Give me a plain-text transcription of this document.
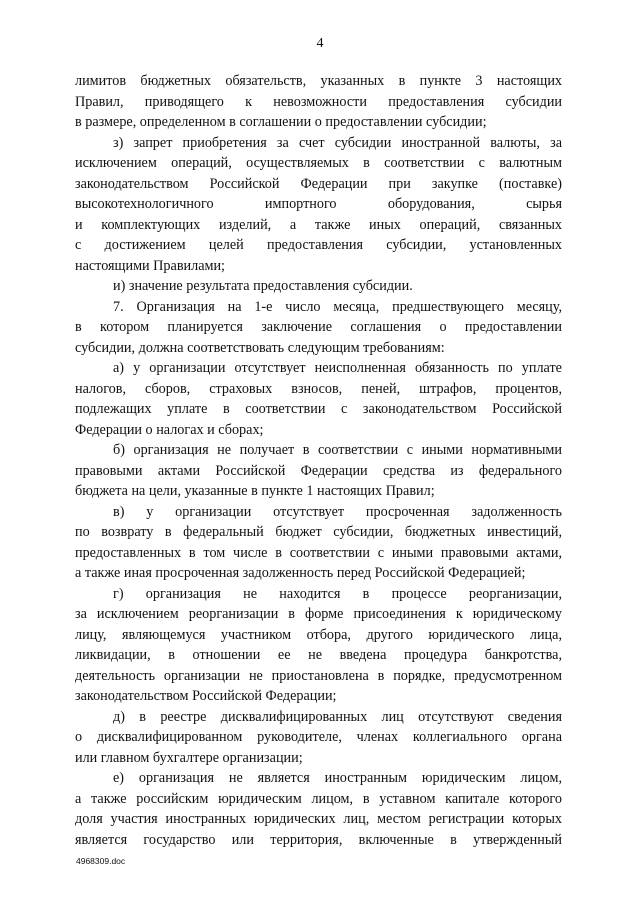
4
лимитов бюджетных обязательств, указанных в пункте 3 настоящих
Правил, приводящего к невозможности предоставления субсидии
в размере, определенном в соглашении о предоставлении субсидии;
з) запрет приобретения за счет субсидии иностранной валюты, за
исключением операций, осуществляемых в соответствии с валютным
законодательством Российской Федерации при закупке (поставке)
высокотехнологичного импортного оборудования, сырья
и комплектующих изделий, а также иных операций, связанных
с достижением целей предоставления субсидии, установленных
настоящими Правилами;
и) значение результата предоставления субсидии.
7. Организация на 1-е число месяца, предшествующего месяцу,
в котором планируется заключение соглашения о предоставлении
субсидии, должна соответствовать следующим требованиям:
а) у организации отсутствует неисполненная обязанность по уплате
налогов, сборов, страховых взносов, пеней, штрафов, процентов,
подлежащих уплате в соответствии с законодательством Российской
Федерации о налогах и сборах;
б) организация не получает в соответствии с иными нормативными
правовыми актами Российской Федерации средства из федерального
бюджета на цели, указанные в пункте 1 настоящих Правил;
в) у организации отсутствует просроченная задолженность
по возврату в федеральный бюджет субсидии, бюджетных инвестиций,
предоставленных в том числе в соответствии с иными правовыми актами,
а также иная просроченная задолженность перед Российской Федерацией;
г) организация не находится в процессе реорганизации,
за исключением реорганизации в форме присоединения к юридическому
лицу, являющемуся участником отбора, другого юридического лица,
ликвидации, в отношении ее не введена процедура банкротства,
деятельность организации не приостановлена в порядке, предусмотренном
законодательством Российской Федерации;
д) в реестре дисквалифицированных лиц отсутствуют сведения
о дисквалифицированном руководителе, членах коллегиального органа
или главном бухгалтере организации;
е) организация не является иностранным юридическим лицом,
а также российским юридическим лицом, в уставном капитале которого
доля участия иностранных юридических лиц, местом регистрации которых
является государство или территория, включенные в утвержденный
4968309.doc
